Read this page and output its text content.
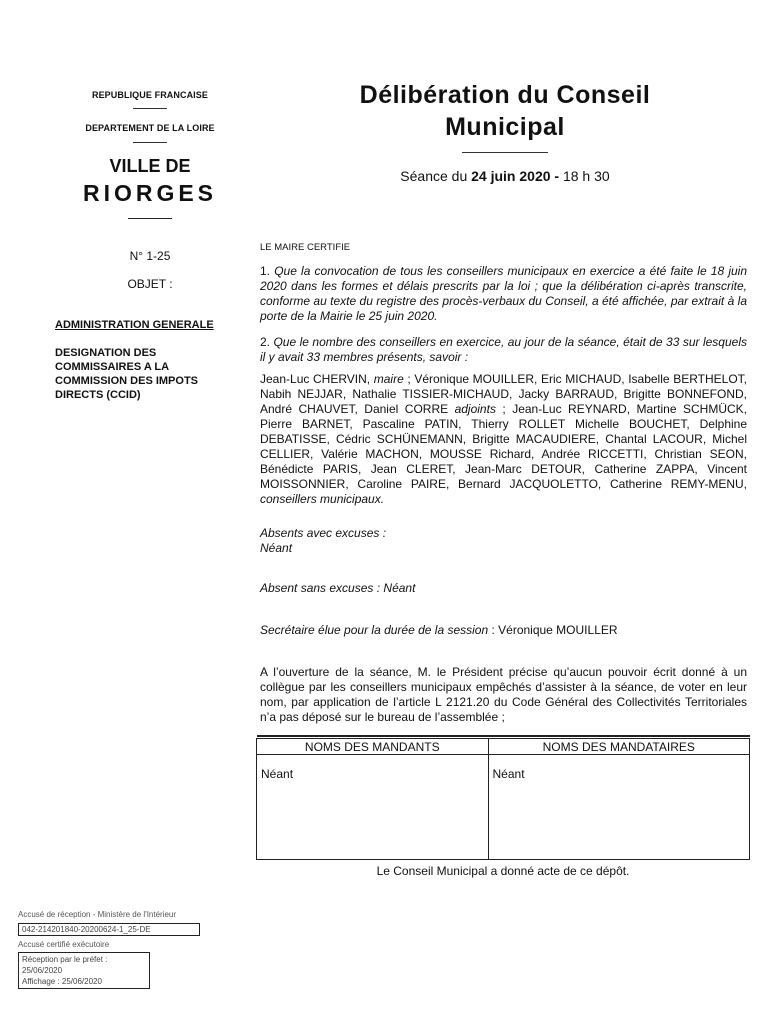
REPUBLIQUE FRANCAISE
DEPARTEMENT DE LA LOIRE
VILLE DE
RIORGES
N° 1-25
OBJET :
ADMINISTRATION GENERALE
DESIGNATION DES COMMISSAIRES A LA COMMISSION DES IMPOTS DIRECTS (CCID)
Délibération du Conseil
Municipal
Séance du 24 juin 2020 - 18 h 30
LE MAIRE CERTIFIE
1. Que la convocation de tous les conseillers municipaux en exercice a été faite le 18 juin 2020 dans les formes et délais prescrits par la loi ; que la délibération ci-après transcrite, conforme au texte du registre des procès-verbaux du Conseil, a été affichée, par extrait à la porte de la Mairie le 25 juin 2020.
2. Que le nombre des conseillers en exercice, au jour de la séance, était de 33 sur lesquels il y avait 33 membres présents, savoir :
Jean-Luc CHERVIN, maire ; Véronique MOUILLER, Eric MICHAUD, Isabelle BERTHELOT, Nabih NEJJAR, Nathalie TISSIER-MICHAUD, Jacky BARRAUD, Brigitte BONNEFOND, André CHAUVET, Daniel CORRE adjoints ; Jean-Luc REYNARD, Martine SCHMÜCK, Pierre BARNET, Pascaline PATIN, Thierry ROLLET Michelle BOUCHET, Delphine DEBATISSE, Cédric SCHÜNEMANN, Brigitte MACAUDIERE, Chantal LACOUR, Michel CELLIER, Valérie MACHON, MOUSSE Richard, Andrée RICCETTI, Christian SEON, Bénédicte PARIS, Jean CLERET, Jean-Marc DETOUR, Catherine ZAPPA, Vincent MOISSONNIER, Caroline PAIRE, Bernard JACQUOLETTO, Catherine REMY-MENU, conseillers municipaux.
Absents avec excuses :
Néant
Absent sans excuses : Néant
Secrétaire élue pour la durée de la session : Véronique MOUILLER
A l’ouverture de la séance, M. le Président précise qu’aucun pouvoir écrit donné à un collègue par les conseillers municipaux empêchés d’assister à la séance, de voter en leur nom, par application de l’article L 2121.20 du Code Général des Collectivités Territoriales n’a pas déposé sur le bureau de l’assemblée ;

NOMS DES MANDANTS	NOMS DES MANDATAIRES
Néant	Néant
Le Conseil Municipal a donné acte de ce dépôt.
Accusé de réception - Ministère de l'Intérieur
042-214201840-20200624-1_25-DE
Accusé certifié exécutoire
Réception par le préfet : 25/06/2020
Affichage : 25/06/2020
